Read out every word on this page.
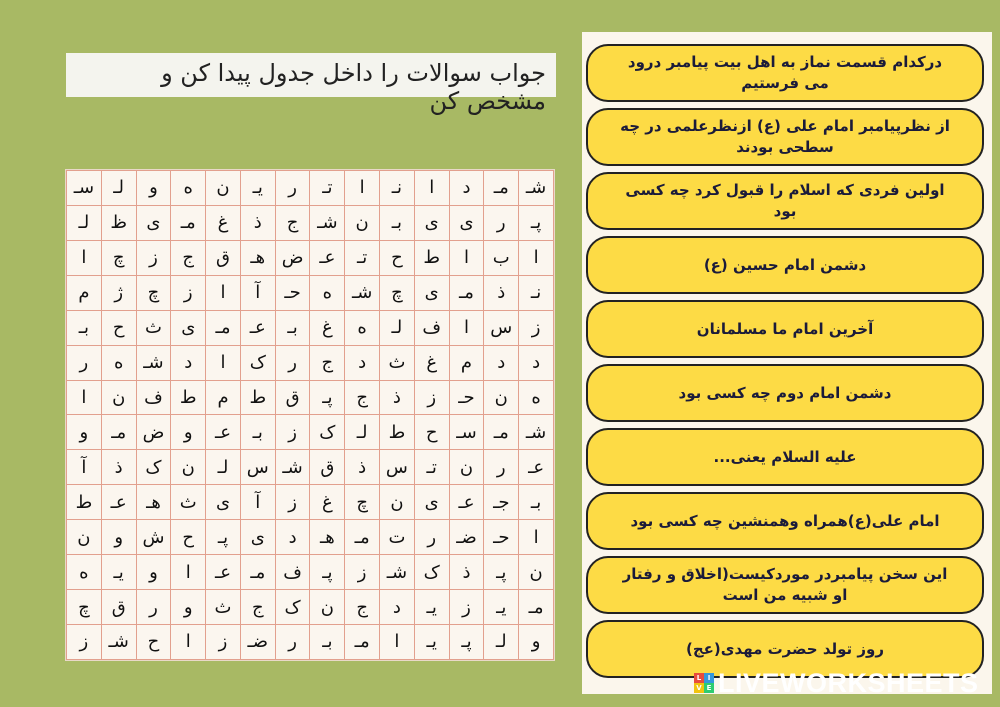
جواب سوالات را داخل جدول پیدا کن و مشخص کن
سـ	لـ	و	ه	ن	یـ	ر	تـ	ا	نـ	ا	د	مـ	شـ
لـ	ظ	ی	مـ	غ	ذ	ج	شـ	ن	بـ	ی	ی	ر	پـ
ا	چ	ز	ج	ق	هـ	ض	عـ	تـ	ح	ط	ا	ب	ا
م	ژ	چ	ز	ا	آ	حـ	ه	شـ	چ	ی	مـ	ذ	نـ
بـ	ح	ث	ی	مـ	عـ	بـ	غ	ه	لـ	ف	ا	س	ز
ر	ه	شـ	د	ا	ک	ر	ج	د	ث	غ	م	د	د
ا	ن	ف	ط	م	ط	ق	پـ	ج	ذ	ز	حـ	ن	ه
و	مـ	ض	و	عـ	بـ	ز	ک	لـ	ط	ح	سـ	مـ	شـ
آ	ذ	ک	ن	لـ	س	شـ	ق	ذ	س	تـ	ن	ر	عـ
ط	عـ	هـ	ث	ی	آ	ز	غ	چ	ن	ی	عـ	جـ	بـ
ن	و	ش	ح	پـ	ی	د	هـ	مـ	ت	ر	ضـ	حـ	ا
ه	یـ	و	ا	عـ	مـ	ف	پـ	ز	شـ	ک	ذ	پـ	ن
چ	ق	ر	و	ث	ج	ک	ن	ج	د	یـ	ز	یـ	مـ
ز	شـ	ح	ا	ز	ضـ	ر	بـ	مـ	ا	یـ	پـ	لـ	و
درکدام قسمت نماز به اهل بیت پیامبر درود می فرستیم
از نظرپیامبر امام علی (ع) ازنظرعلمی در چه سطحی بودند
اولین فردی که اسلام را قبول کرد چه کسی بود
دشمن امام حسین (ع)
آخرین امام ما مسلمانان
دشمن امام دوم چه کسی بود
علیه السلام یعنی...
امام علی(ع)همراه وهمنشین چه کسی بود
این سخن پیامبردر موردکیست(اخلاق و رفتار او شبیه من است
روز تولد حضرت مهدی(عج)
L I
V E LIVEWORKSHEETS
